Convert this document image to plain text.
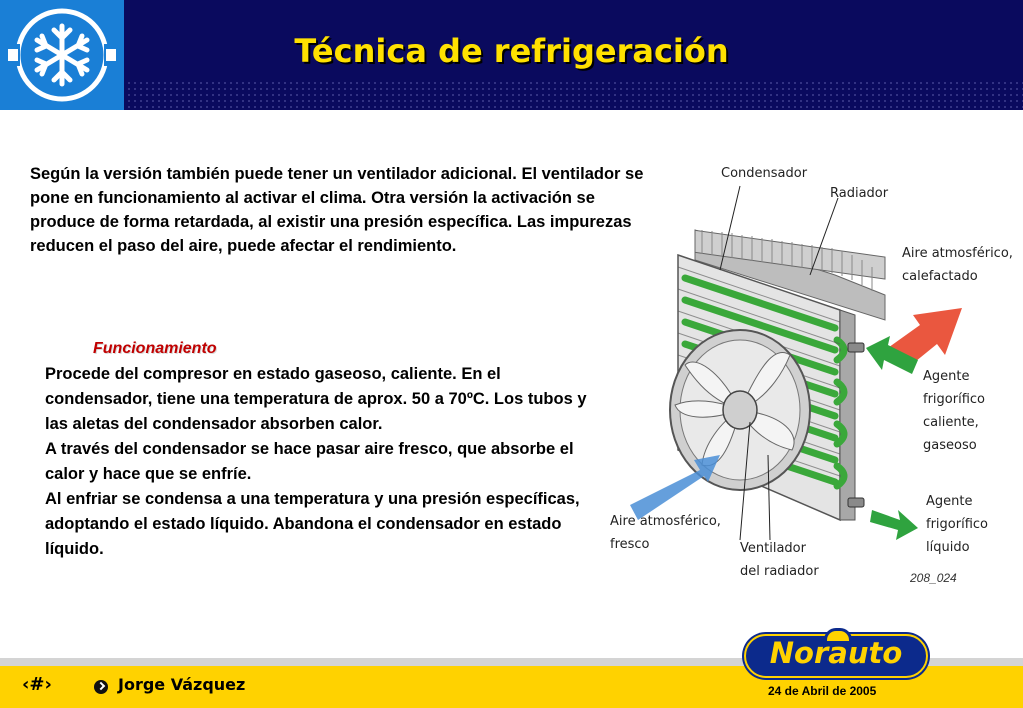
Técnica de refrigeración
Según la versión también puede tener un ventilador adicional. El ventilador se pone en funcionamiento al activar el clima. Otra versión la activación se produce de forma retardada, al existir una presión específica. Las impurezas reducen el paso del aire, puede afectar el rendimiento.
Funcionamiento

Procede del compresor en estado gaseoso, caliente. En el condensador, tiene una temperatura de aprox. 50 a 70ºC. Los tubos y las aletas del condensador absorben calor.

A través del condensador se hace pasar aire fresco, que absorbe el calor y hace que se enfríe.

Al enfriar se condensa a una temperatura y una presión específicas, adoptando el estado líquido. Abandona el condensador en estado líquido.

Condensador
Radiador
Aire atmosférico,
calefactado
Agente
frigorífico
caliente,
gaseoso
Agente
frigorífico
líquido
Aire atmosférico,
fresco	Ventilador
del radiador	208_024
‹#›	Jorge Vázquez	24 de Abril de 2005
Norauto
